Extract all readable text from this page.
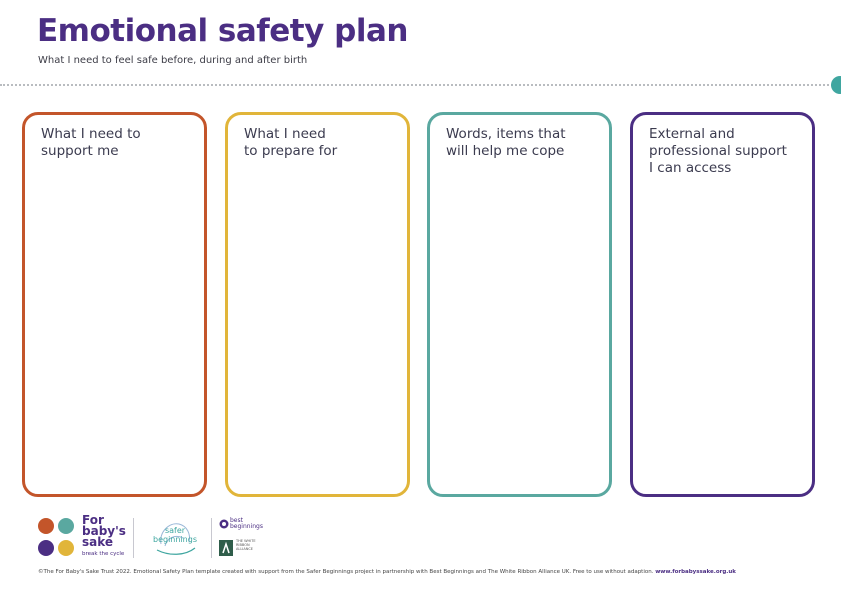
Emotional safety plan

What I need to feel safe before, during and after birth

What I need to
support me
What I need
to prepare for
Words, items that
will help me cope
External and
professional support
I can access
For
baby's
sake
break the cycle
safer beginnings
best
beginnings
THE WHITE
RIBBON
ALLIANCE
©The For Baby's Sake Trust 2022. Emotional Safety Plan template created with support from the Safer Beginnings project in partnership with Best Beginnings and The White Ribbon Alliance UK. Free to use without adaption. www.forbabyssake.org.uk
